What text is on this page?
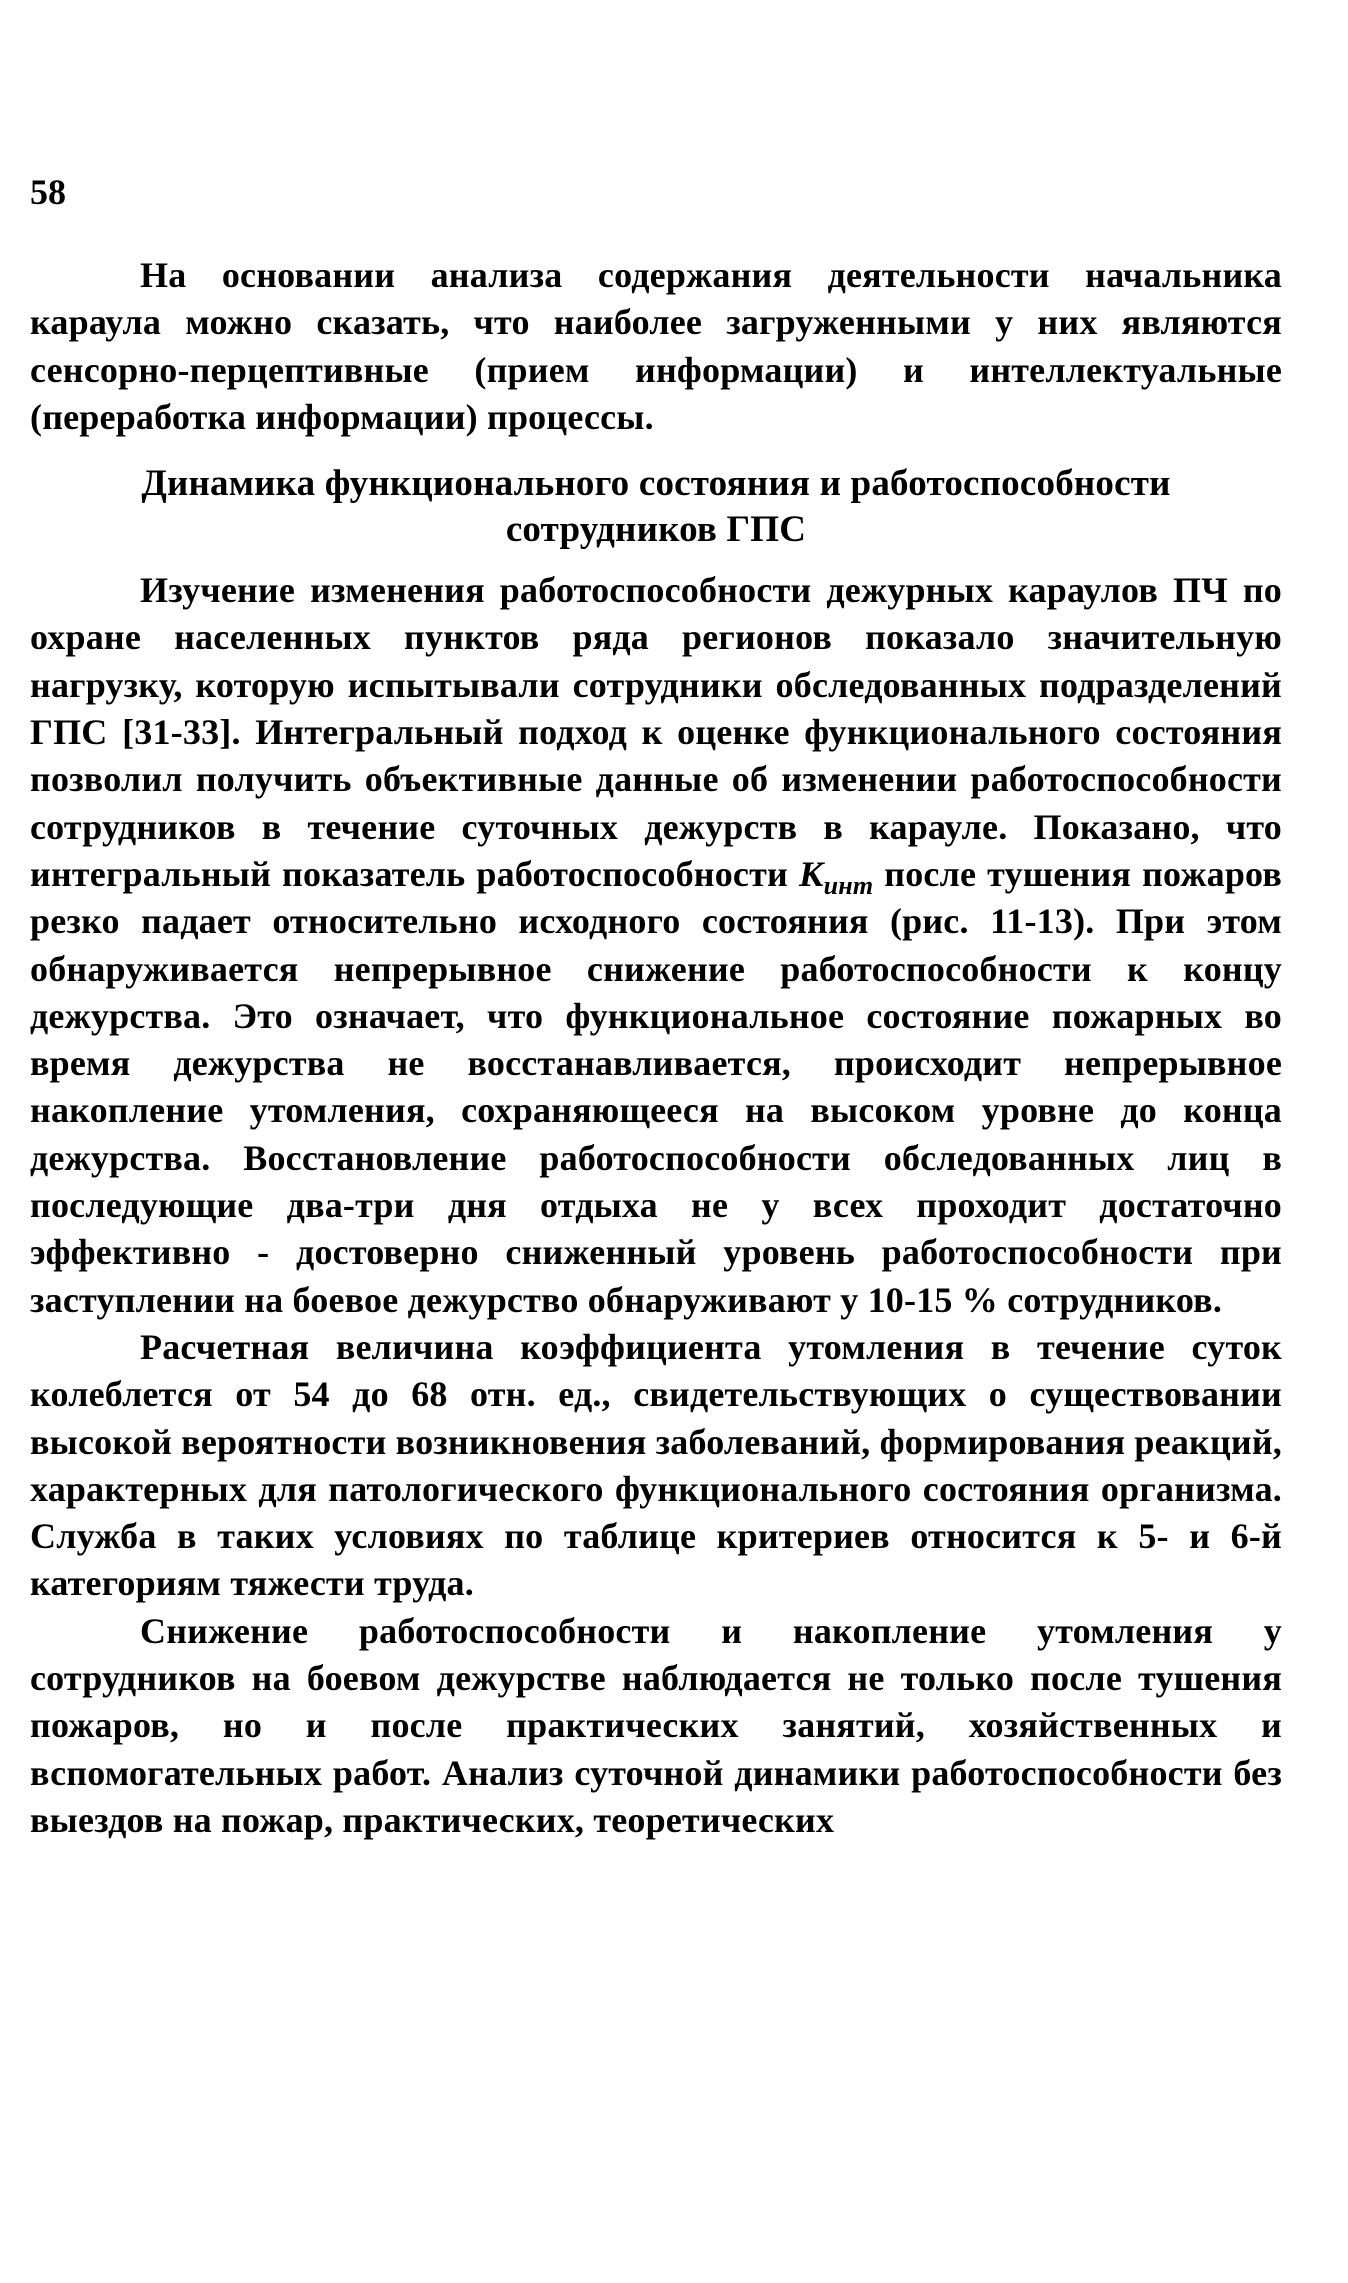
58

На основании анализа содержания деятельности начальника караула можно сказать, что наиболее загруженными у них являются сенсорно-перцептивные (прием информации) и интеллектуальные (переработка информации) процессы.

Динамика функционального состояния и работоспособности
сотрудников ГПС

Изучение изменения работоспособности дежурных караулов ПЧ по охране населенных пунктов ряда регионов показало значительную нагрузку, которую испытывали сотрудники обследованных подразделений ГПС [31-33]. Интегральный подход к оценке функционального состояния позволил получить объективные данные об изменении работоспособности сотрудников в течение суточных дежурств в карауле. Показано, что интегральный показатель работоспособности $К_{инт}$ после тушения пожаров резко падает относительно исходного состояния (рис. 11-13). При этом обнаруживается непрерывное снижение работоспособности к концу дежурства. Это означает, что функциональное состояние пожарных во время дежурства не восстанавливается, происходит непрерывное накопление утомления, сохраняющееся на высоком уровне до конца дежурства. Восстановление работоспособности обследованных лиц в последующие два-три дня отдыха не у всех проходит достаточно эффективно - достоверно сниженный уровень работоспособности при заступлении на боевое дежурство обнаруживают у 10-15 % сотрудников.

Расчетная величина коэффициента утомления в течение суток колеблется от 54 до 68 отн. ед., свидетельствующих о существовании высокой вероятности возникновения заболеваний, формирования реакций, характерных для патологического функционального состояния организма. Служба в таких условиях по таблице критериев относится к 5- и 6-й категориям тяжести труда.

Снижение работоспособности и накопление утомления у сотрудников на боевом дежурстве наблюдается не только после тушения пожаров, но и после практических занятий, хозяйственных и вспомогательных работ. Анализ суточной динамики работоспособности без выездов на пожар, практических, теоретических
